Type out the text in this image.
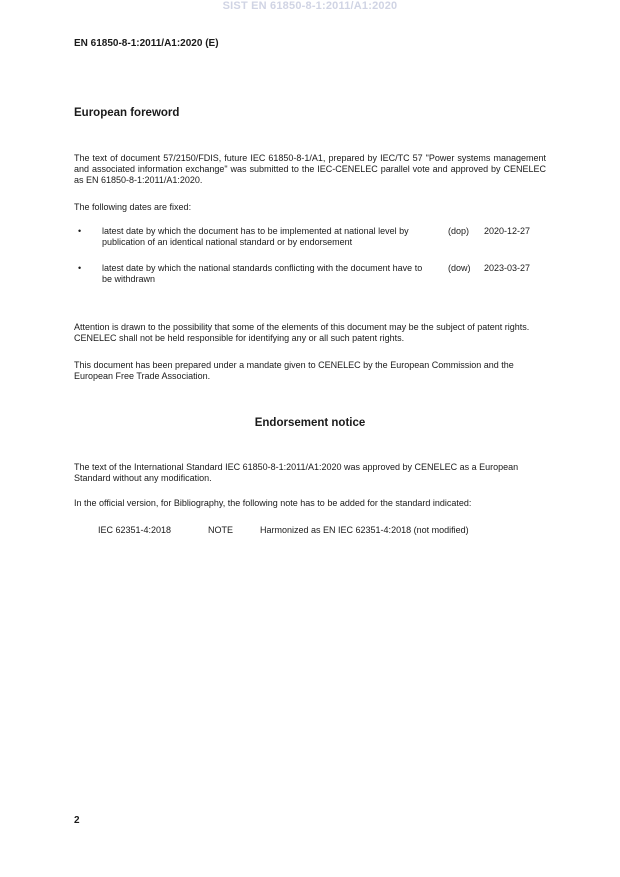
SIST EN 61850-8-1:2011/A1:2020
EN 61850-8-1:2011/A1:2020 (E)
European foreword

The text of document 57/2150/FDIS, future IEC 61850-8-1/A1, prepared by IEC/TC 57 "Power systems management and associated information exchange" was submitted to the IEC-CENELEC parallel vote and approved by CENELEC as EN 61850-8-1:2011/A1:2020.

The following dates are fixed:

• latest date by which the document has to be implemented at national level by publication of an identical national standard or by endorsement
(dop) 2020-12-27
• latest date by which the national standards conflicting with the document have to be withdrawn
(dow) 2023-03-27

Attention is drawn to the possibility that some of the elements of this document may be the subject of patent rights. CENELEC shall not be held responsible for identifying any or all such patent rights.

This document has been prepared under a mandate given to CENELEC by the European Commission and the European Free Trade Association.

Endorsement notice

The text of the International Standard IEC 61850-8-1:2011/A1:2020 was approved by CENELEC as a European Standard without any modification.

In the official version, for Bibliography, the following note has to be added for the standard indicated:

IEC 62351-4:2018	NOTE	Harmonized as EN IEC 62351-4:2018 (not modified)
2
